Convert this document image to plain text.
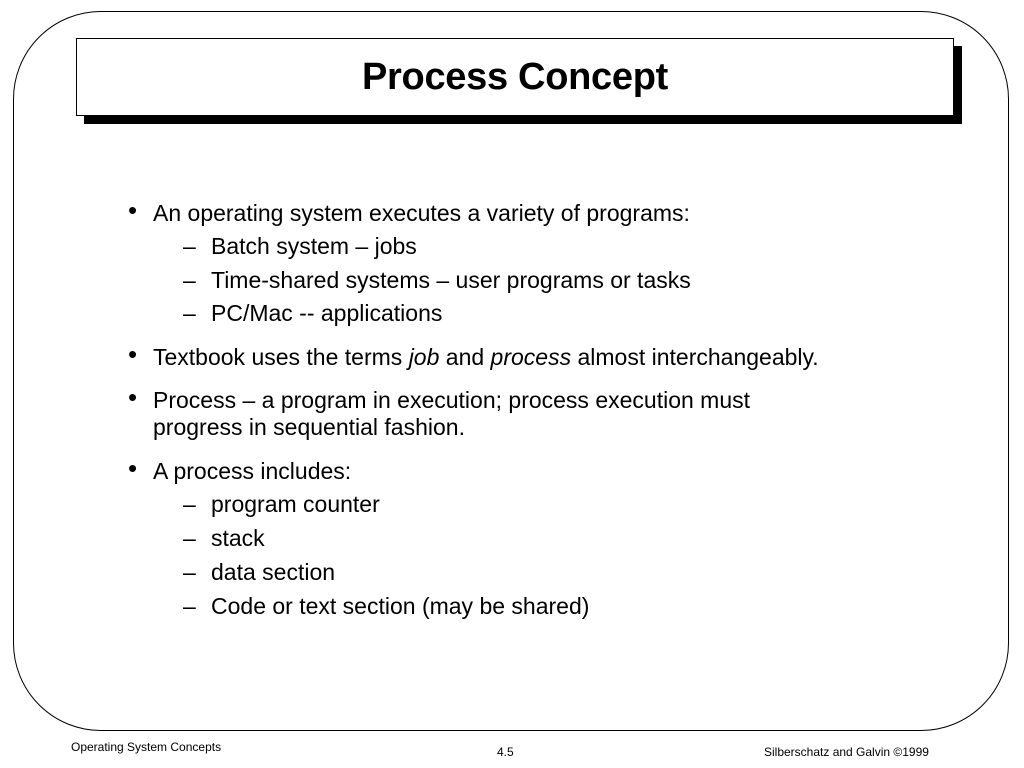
Process Concept
• An operating system executes a variety of programs:
– Batch system – jobs
– Time-shared systems – user programs or tasks
– PC/Mac -- applications
• Textbook uses the terms job and process almost interchangeably.
• Process – a program in execution; process execution must
progress in sequential fashion.
• A process includes:
– program counter
– stack
– data section
– Code or text section (may be shared)
Operating System Concepts	4.5	Silberschatz and Galvin ©1999
